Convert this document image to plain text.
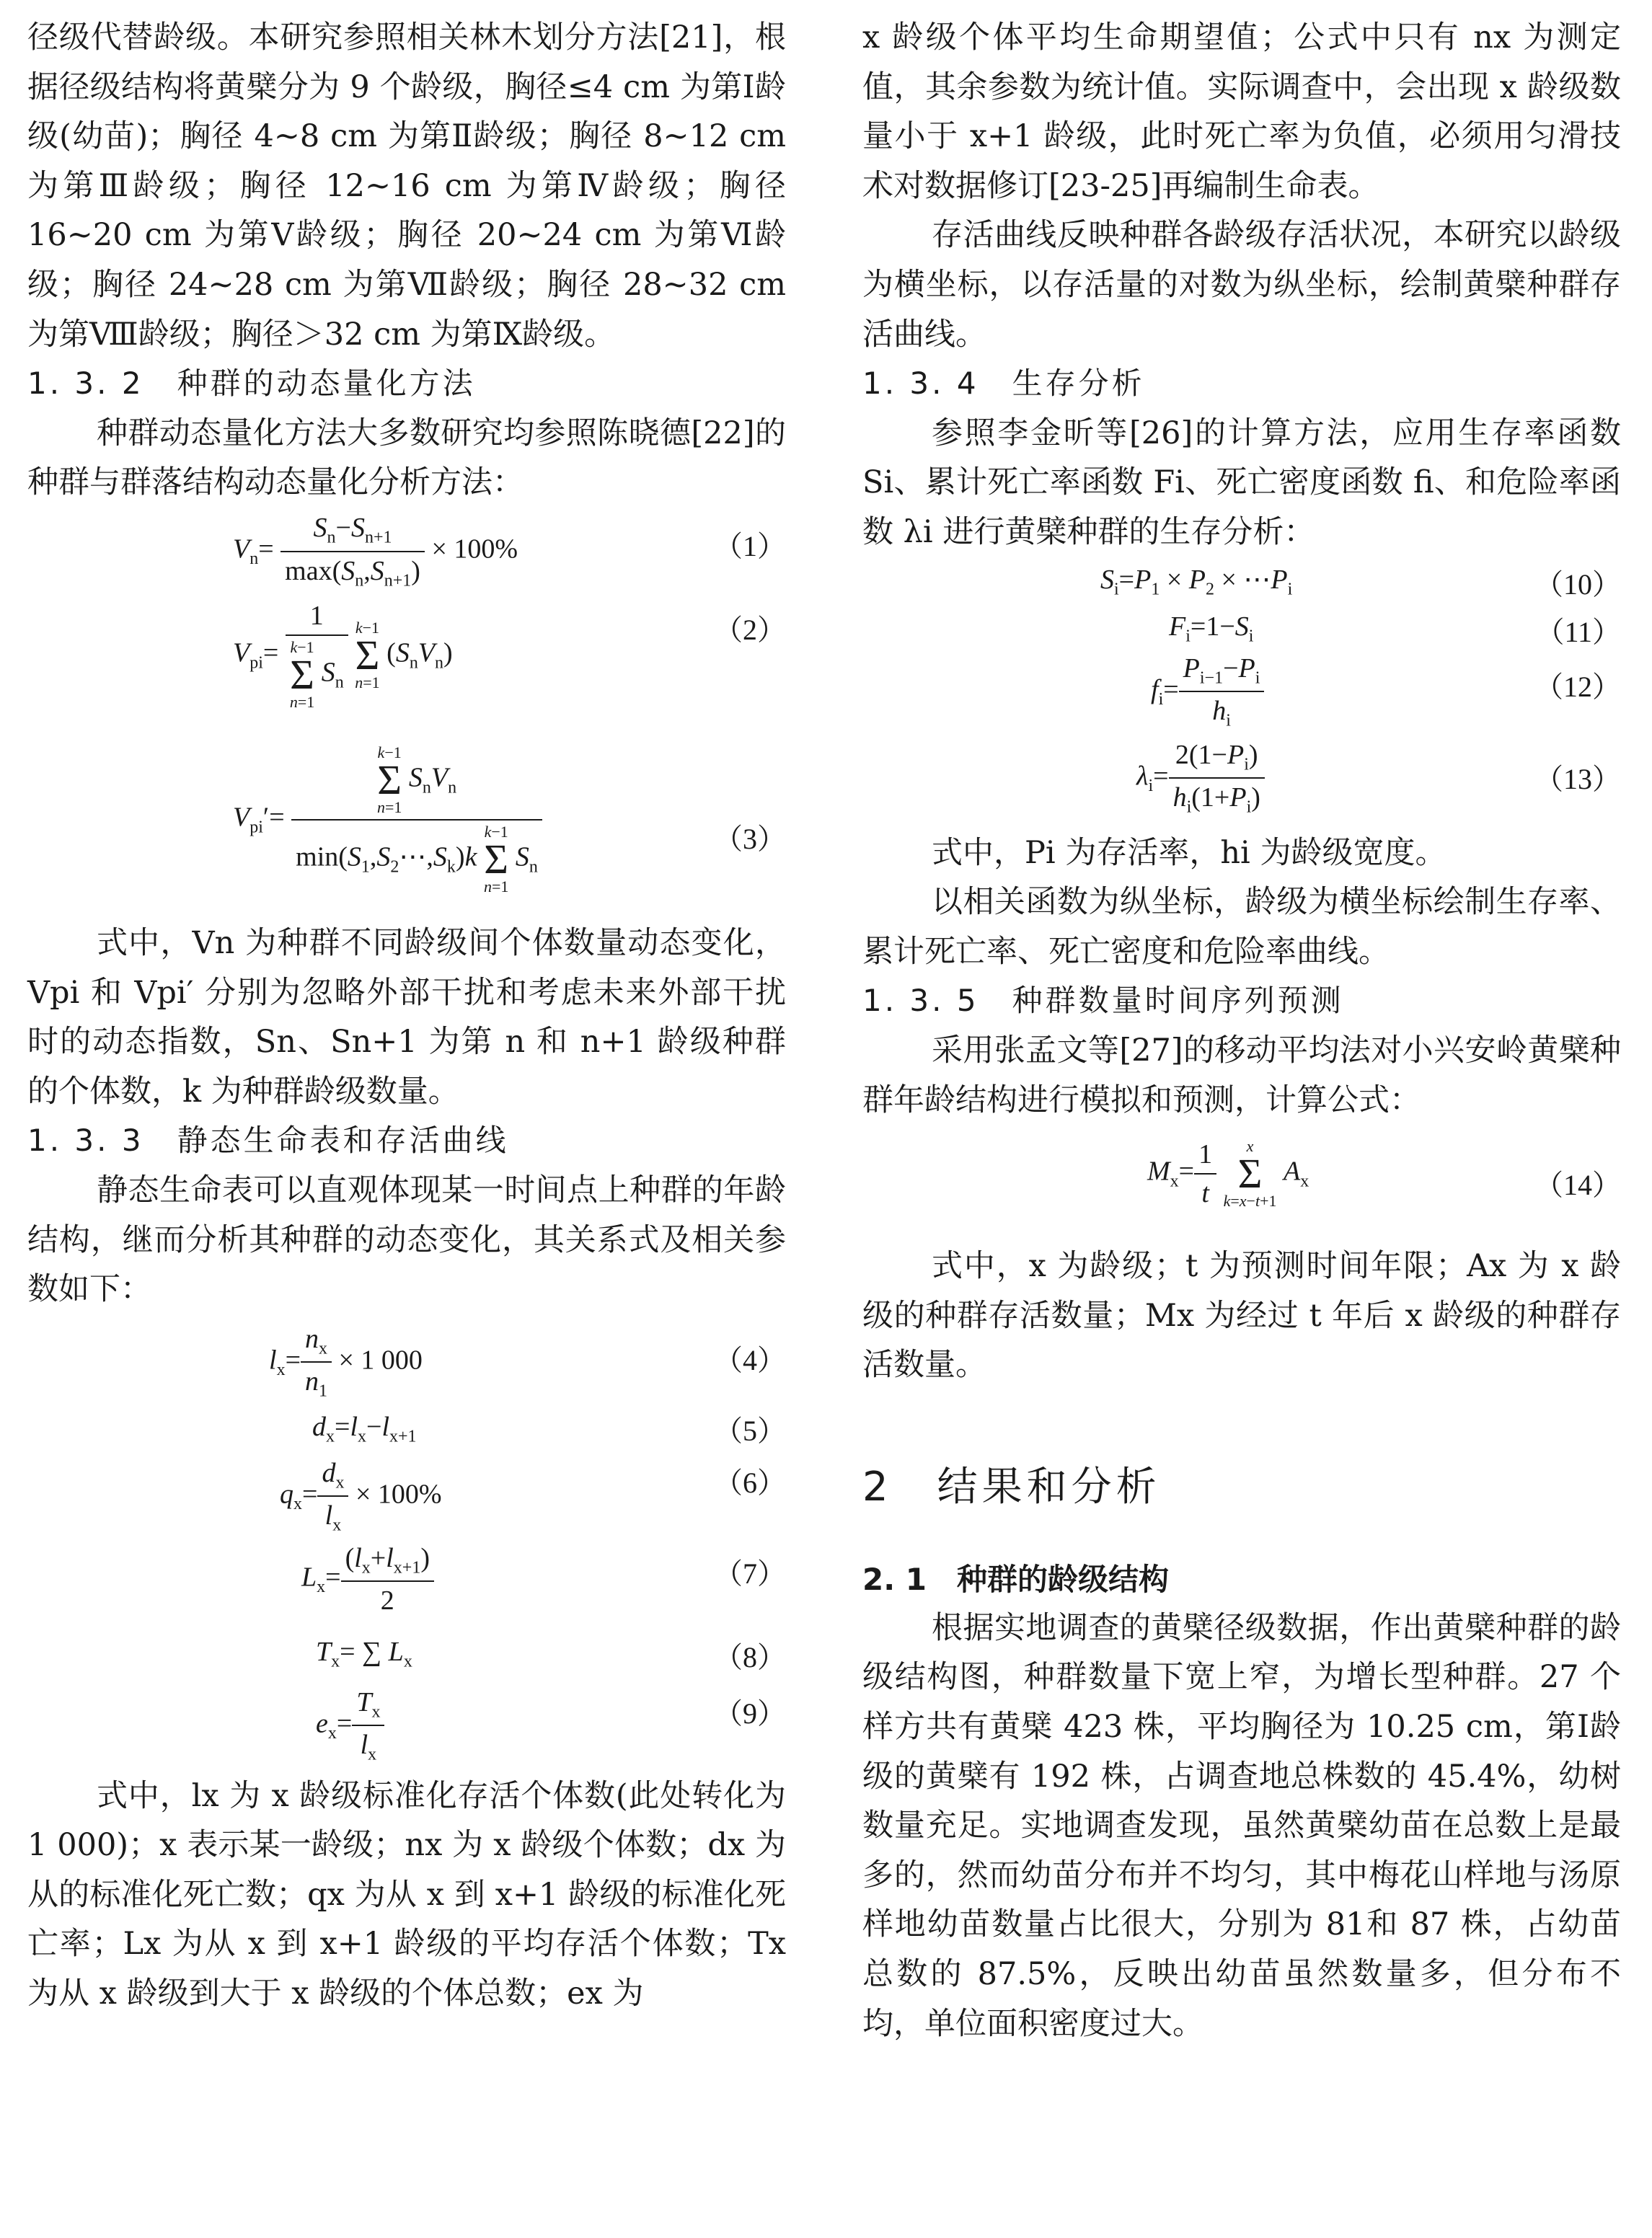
径级代替龄级。本研究参照相关林木划分方法[21]，根据径级结构将黄檗分为 9 个龄级，胸径≤4 cm 为第Ⅰ龄级(幼苗)；胸径 4~8 cm 为第Ⅱ龄级；胸径 8~12 cm 为第Ⅲ龄级；胸径 12~16 cm 为第Ⅳ龄级；胸径 16~20 cm 为第Ⅴ龄级；胸径 20~24 cm 为第Ⅵ龄级；胸径 24~28 cm 为第Ⅶ龄级；胸径 28~32 cm 为第Ⅷ龄级；胸径＞32 cm 为第Ⅸ龄级。

1. 3. 2　种群的动态量化方法

种群动态量化方法大多数研究均参照陈晓德[22]的种群与群落结构动态量化分析方法：

$V_n= \frac{S_n-S_{n+1}}{\max(S_n,S_{n+1})} \times 100\%$	（1）
$V_{pi}= 1$
k−1
Σ
n=1 $S_n$ k−1
Σ
n=1 $(S_nV_n)$
（2）
$V_{pi}'= k-1$
Σ
n=1 $S_nV_n$
$\min(S_1,S_2\cdots,S_k)k$ k−1
Σ
n=1 $S_n$	（3）

式中，Vn 为种群不同龄级间个体数量动态变化，Vpi 和 Vpi′ 分别为忽略外部干扰和考虑未来外部干扰时的动态指数，Sn、Sn+1 为第 n 和 n+1 龄级种群的个体数，k 为种群龄级数量。

1. 3. 3　静态生命表和存活曲线

静态生命表可以直观体现某一时间点上种群的年龄结构，继而分析其种群的动态变化，其关系式及相关参数如下：

$l_x= \frac{n_x}{n_1} \times 1$ 000	（4）
$d_x=l_x-l_{x+1}$	（5）
$q_x= \frac{d_x}{l_x} \times 100\%$	（6）
$L_x= \frac{(l_x+l_{x+1})}{2}$	（7）
$T_x=$ ∑ $L_x$	（8）
$e_x= \frac{T_x}{l_x}$	（9）

式中，lx 为 x 龄级标准化存活个体数(此处转化为 1 000)；x 表示某一龄级；nx 为 x 龄级个体数；dx 为从的标准化死亡数；qx 为从 x 到 x+1 龄级的标准化死亡率；Lx 为从 x 到 x+1 龄级的平均存活个体数；Tx 为从 x 龄级到大于 x 龄级的个体总数；ex 为

x 龄级个体平均生命期望值；公式中只有 nx 为测定值，其余参数为统计值。实际调查中，会出现 x 龄级数量小于 x+1 龄级，此时死亡率为负值，必须用匀滑技术对数据修订[23-25]再编制生命表。

存活曲线反映种群各龄级存活状况，本研究以龄级为横坐标，以存活量的对数为纵坐标，绘制黄檗种群存活曲线。

1. 3. 4　生存分析

参照李金昕等[26]的计算方法，应用生存率函数 Si、累计死亡率函数 Fi、死亡密度函数 fi、和危险率函数 λi 进行黄檗种群的生存分析：

$S_i=P_1 \times P_2$ × $\cdots P_i$	（10）
$F_i=1-S_i$	（11）
$f_i= \frac{P_{i-1}-P_i}{h_i}$	（12）
$\lambda_i= \frac{2(1-P_i)}{h_i(1+P_i)}$	（13）

式中，Pi 为存活率，hi 为龄级宽度。

以相关函数为纵坐标，龄级为横坐标绘制生存率、累计死亡率、死亡密度和危险率曲线。

1. 3. 5　种群数量时间序列预测

采用张孟文等[27]的移动平均法对小兴安岭黄檗种群年龄结构进行模拟和预测，计算公式：

$M_x= \frac{1}{t}$ x
Σ
k=x−t+1 $A_x$	（14）

式中，x 为龄级；t 为预测时间年限；Ax 为 x 龄级的种群存活数量；Mx 为经过 t 年后 x 龄级的种群存活数量。

2　结果和分析
2. 1　种群的龄级结构

根据实地调查的黄檗径级数据，作出黄檗种群的龄级结构图，种群数量下宽上窄，为增长型种群。27 个样方共有黄檗 423 株，平均胸径为 10.25 cm，第Ⅰ龄级的黄檗有 192 株，占调查地总株数的 45.4%，幼树数量充足。实地调查发现，虽然黄檗幼苗在总数上是最多的，然而幼苗分布并不均匀，其中梅花山样地与汤原样地幼苗数量占比很大，分别为 81和 87 株，占幼苗总数的 87.5%，反映出幼苗虽然数量多，但分布不均，单位面积密度过大。
